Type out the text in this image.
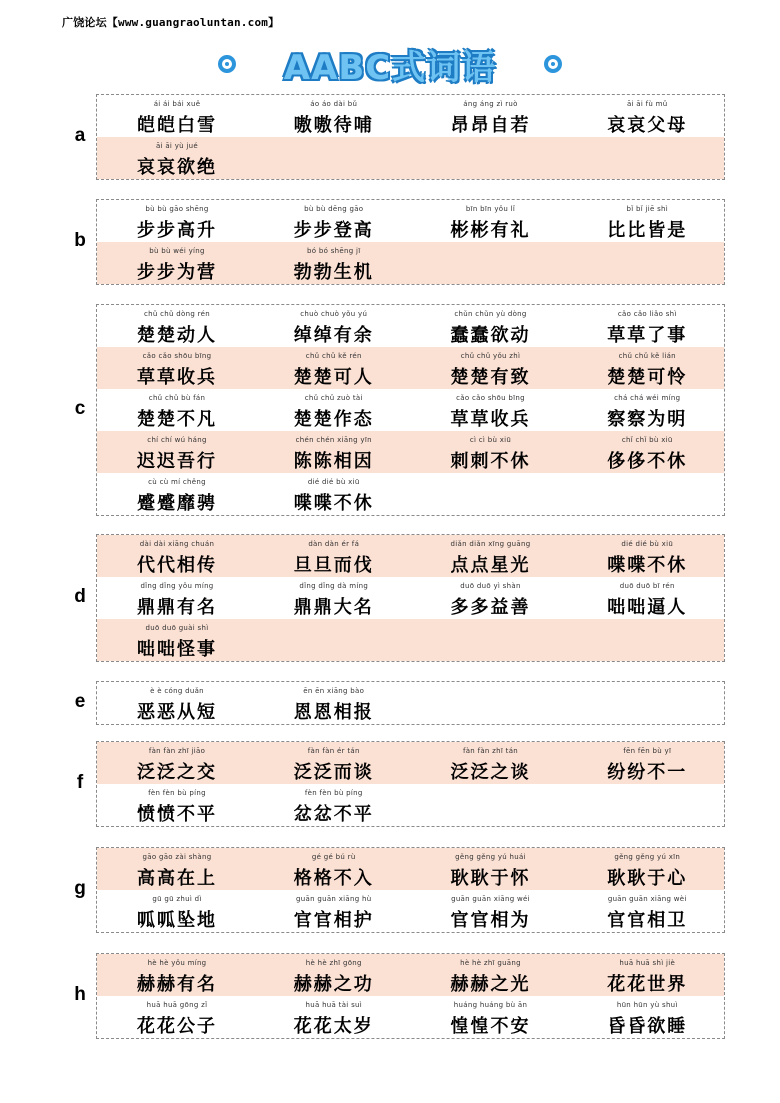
广饶论坛【www.guangraoluntan.com】
AABC式词语
ái ái bái xuě
皑皑白雪
áo áo dài bǔ
嗷嗷待哺
áng áng zì ruò
昂昂自若
āi āi fù mǔ
哀哀父母
āi āi yù jué
哀哀欲绝
a
bù bù gāo shēng
步步高升
bù bù dēng gāo
步步登高
bīn bīn yǒu lǐ
彬彬有礼
bǐ bǐ jiē shì
比比皆是
bù bù wéi yíng
步步为营
bó bó shēng jī
勃勃生机
b
chǔ chǔ dòng rén
楚楚动人
chuò chuò yǒu yú
绰绰有余
chǔn chǔn yù dòng
蠢蠢欲动
cǎo cǎo liǎo shì
草草了事
cǎo cǎo shōu bīng
草草收兵
chǔ chǔ kě rén
楚楚可人
chǔ chǔ yǒu zhì
楚楚有致
chǔ chǔ kě lián
楚楚可怜
chǔ chǔ bù fán
楚楚不凡
chǔ chǔ zuò tài
楚楚作态
cǎo cǎo shōu bīng
草草收兵
chá chá wéi míng
察察为明
chí chí wú háng
迟迟吾行
chén chén xiāng yīn
陈陈相因
cì cì bù xiū
刺刺不休
chǐ chǐ bù xiū
侈侈不休
cù cù mí chěng
蹙蹙靡骋
dié dié bù xiū
喋喋不休
c
dài dài xiāng chuán
代代相传
dàn dàn ér fá
旦旦而伐
diǎn diǎn xīng guāng
点点星光
dié dié bù xiū
喋喋不休
dǐng dǐng yǒu míng
鼎鼎有名
dǐng dǐng dà míng
鼎鼎大名
duō duō yì shàn
多多益善
duō duō bī rén
咄咄逼人
duō duō guài shì
咄咄怪事
d
è è cóng duǎn
恶恶从短
ēn ēn xiāng bào
恩恩相报
e
fàn fàn zhī jiāo
泛泛之交
fàn fàn ér tán
泛泛而谈
fàn fàn zhī tán
泛泛之谈
fēn fēn bù yī
纷纷不一
fèn fèn bù píng
愤愤不平
fèn fèn bù píng
忿忿不平
f
gāo gāo zài shàng
高高在上
gé gé bú rù
格格不入
gěng gěng yú huái
耿耿于怀
gěng gěng yú xīn
耿耿于心
gū gū zhuì dì
呱呱坠地
guān guān xiāng hù
官官相护
guān guān xiāng wéi
官官相为
guān guān xiāng wèi
官官相卫
g
hè hè yǒu míng
赫赫有名
hè hè zhī gōng
赫赫之功
hè hè zhī guāng
赫赫之光
huā huā shì jiè
花花世界
huā huā gōng zǐ
花花公子
huā huā tài suì
花花太岁
huáng huáng bù ān
惶惶不安
hūn hūn yù shuì
昏昏欲睡
h
